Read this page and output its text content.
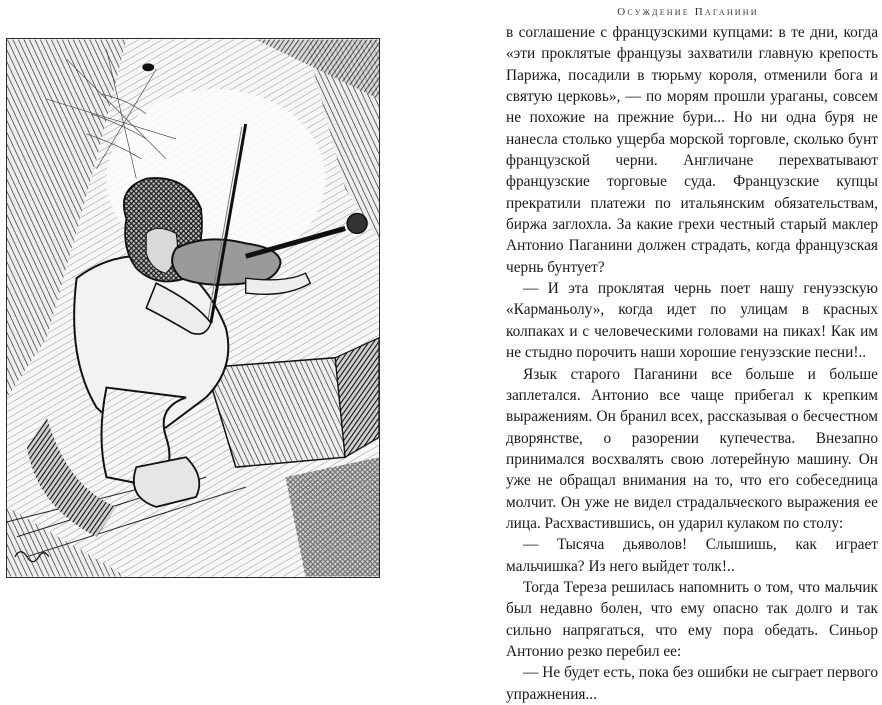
Осуждение Паганини

в соглашение с французскими купцами: в те дни, когда «эти проклятые французы захватили главную крепость Парижа, посадили в тюрьму короля, отменили бога и святую церковь», — по морям прошли ураганы, совсем не похожие на прежние бури... Но ни одна буря не нанесла столько ущерба морской торговле, сколько бунт французской черни. Англичане перехватывают французские торговые суда. Французские купцы прекратили платежи по итальянским обязательствам, биржа заглохла. За какие грехи честный старый маклер Антонио Паганини должен страдать, когда французская чернь бунтует?

— И эта проклятая чернь поет нашу генуэзскую «Карманьолу», когда идет по улицам в красных колпаках и с человеческими головами на пиках! Как им не стыдно порочить наши хорошие генуэзские песни!..

Язык старого Паганини все больше и больше заплетался. Антонио все чаще прибегал к крепким выражениям. Он бранил всех, рассказывая о бесчестном дворянстве, о разорении купечества. Внезапно принимался восхвалять свою лотерейную машину. Он уже не обращал внимания на то, что его собеседница молчит. Он уже не видел страдальческого выражения ее лица. Расхвастившись, он ударил кулаком по столу:

— Тысяча дьяволов! Слышишь, как играет мальчишка? Из него выйдет толк!..

Тогда Тереза решилась напомнить о том, что мальчик был недавно болен, что ему опасно так долго и так сильно напрягаться, что ему пора обедать. Синьор Антонио резко перебил ее:

— Не будет есть, пока без ошибки не сыграет первого упражнения...
